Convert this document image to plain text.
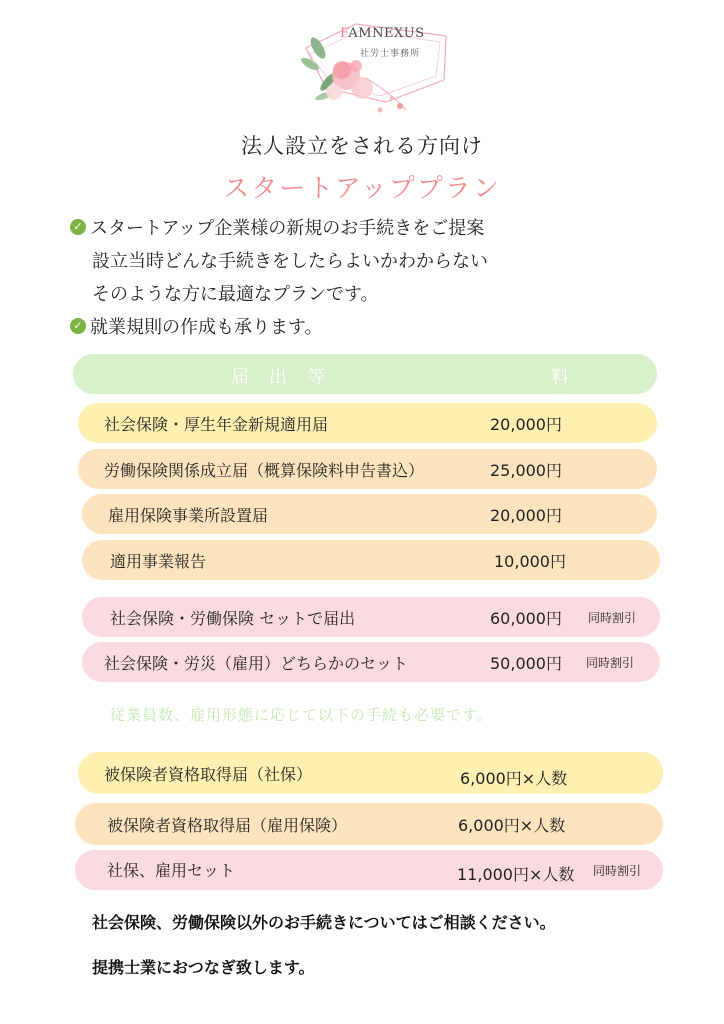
FAMNEXUS
社労士事務所
法人設立をされる方向け
スタートアッププラン
✓ スタートアップ企業様の新規のお手続きをご提案
設立当時どんな手続きをしたらよいかわからない
そのような方に最適なプランです。
✓ 就業規則の作成も承ります。
届出等	料
社会保険・厚生年金新規適用届	20,000円
労働保険関係成立届（概算保険料申告書込）	25,000円
雇用保険事業所設置届	20,000円
適用事業報告	10,000円
社会保険・労働保険 セットで届出	60,000円 同時割引
社会保険・労災（雇用）どちらかのセット	50,000円 同時割引
従業員数、雇用形態に応じて以下の手続も必要です。
被保険者資格取得届（社保）	6,000円×人数
被保険者資格取得届（雇用保険）	6,000円×人数
社保、雇用セット	11,000円×人数 同時割引
社会保険、労働保険以外のお手続きについてはご相談ください。
提携士業におつなぎ致します。
